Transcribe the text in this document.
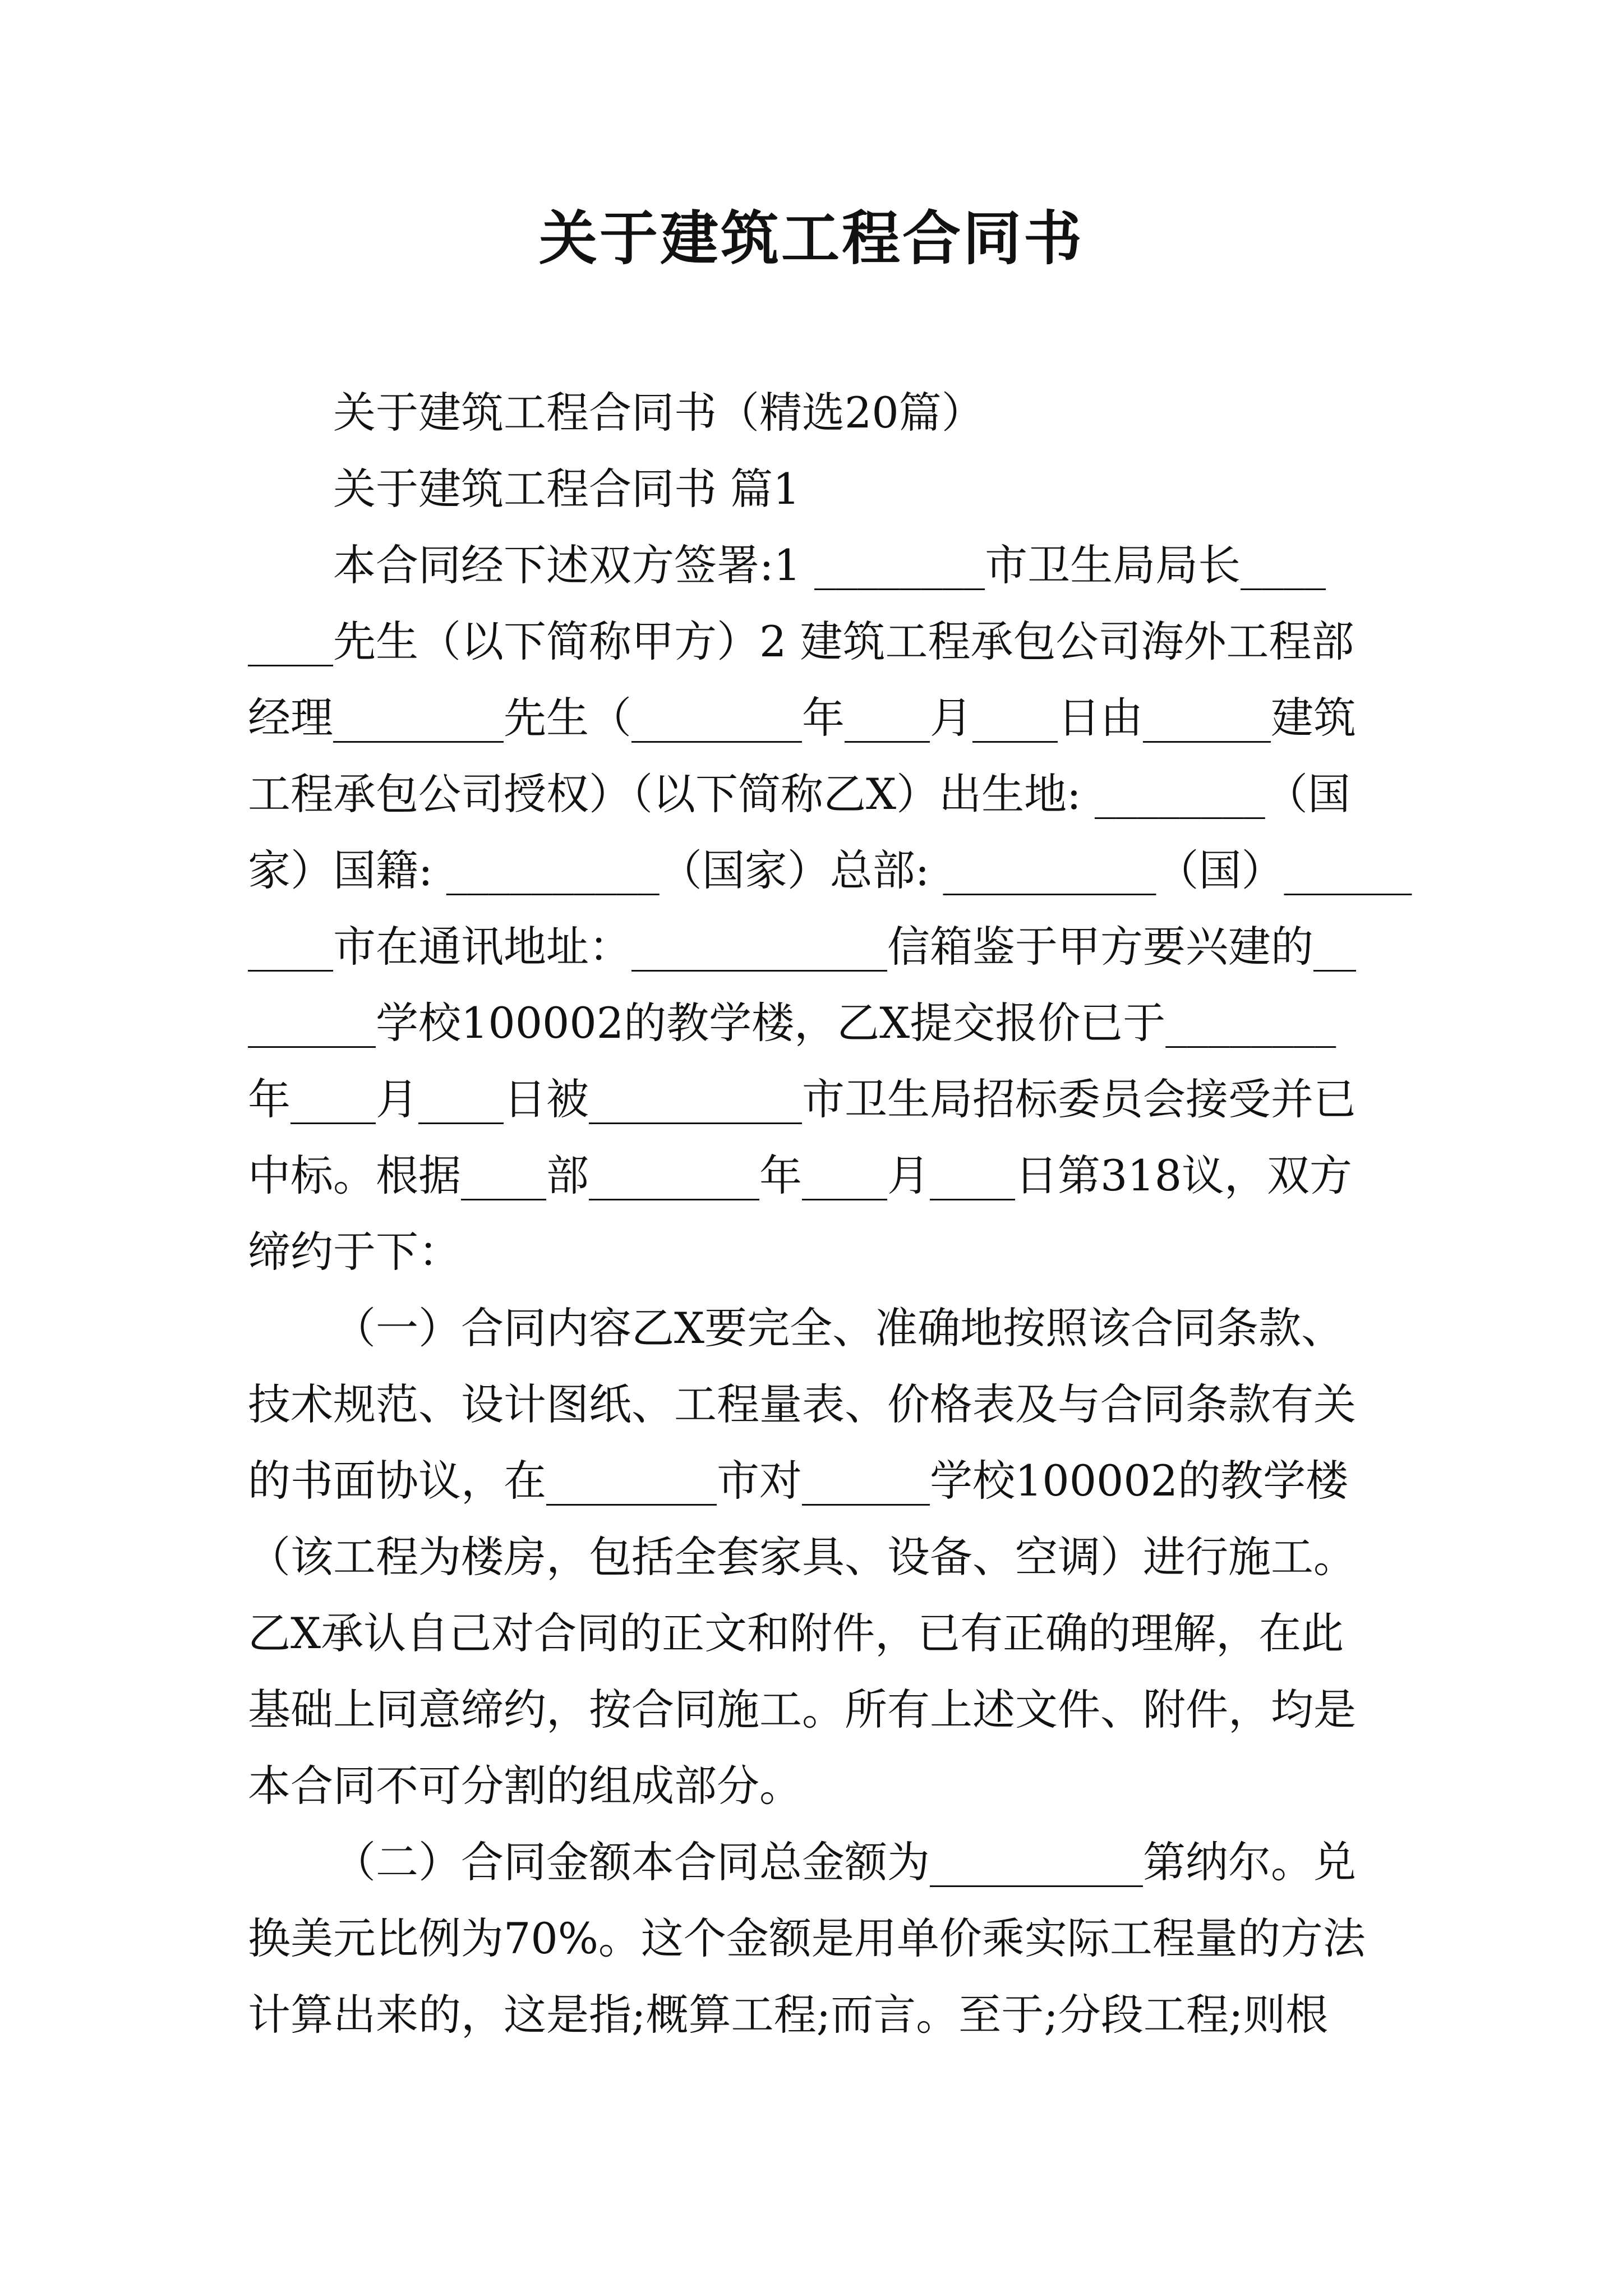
关于建筑工程合同书
关于建筑工程合同书（精选20篇）
关于建筑工程合同书 篇1
本合同经下述双方签署:1 ________市卫生局局长____
____先生（以下简称甲方）2 建筑工程承包公司海外工程部
经理________先生（________年____月____日由______建筑
工程承包公司授权）（以下简称乙X）出生地: ________（国
家）国籍: __________（国家）总部: __________（国）______
____市在通讯地址：____________信箱鉴于甲方要兴建的__
______学校100002的教学楼，乙X提交报价已于________
年____月____日被__________市卫生局招标委员会接受并已
中标。根据____部________年____月____日第318议，双方
缔约于下：
（一）合同内容乙X要完全、准确地按照该合同条款、
技术规范、设计图纸、工程量表、价格表及与合同条款有关
的书面协议，在________市对______学校100002的教学楼
（该工程为楼房，包括全套家具、设备、空调）进行施工。
乙X承认自己对合同的正文和附件，已有正确的理解，在此
基础上同意缔约，按合同施工。所有上述文件、附件，均是
本合同不可分割的组成部分。
（二）合同金额本合同总金额为__________第纳尔。兑
换美元比例为70%。这个金额是用单价乘实际工程量的方法
计算出来的，这是指;概算工程;而言。至于;分段工程;则根
